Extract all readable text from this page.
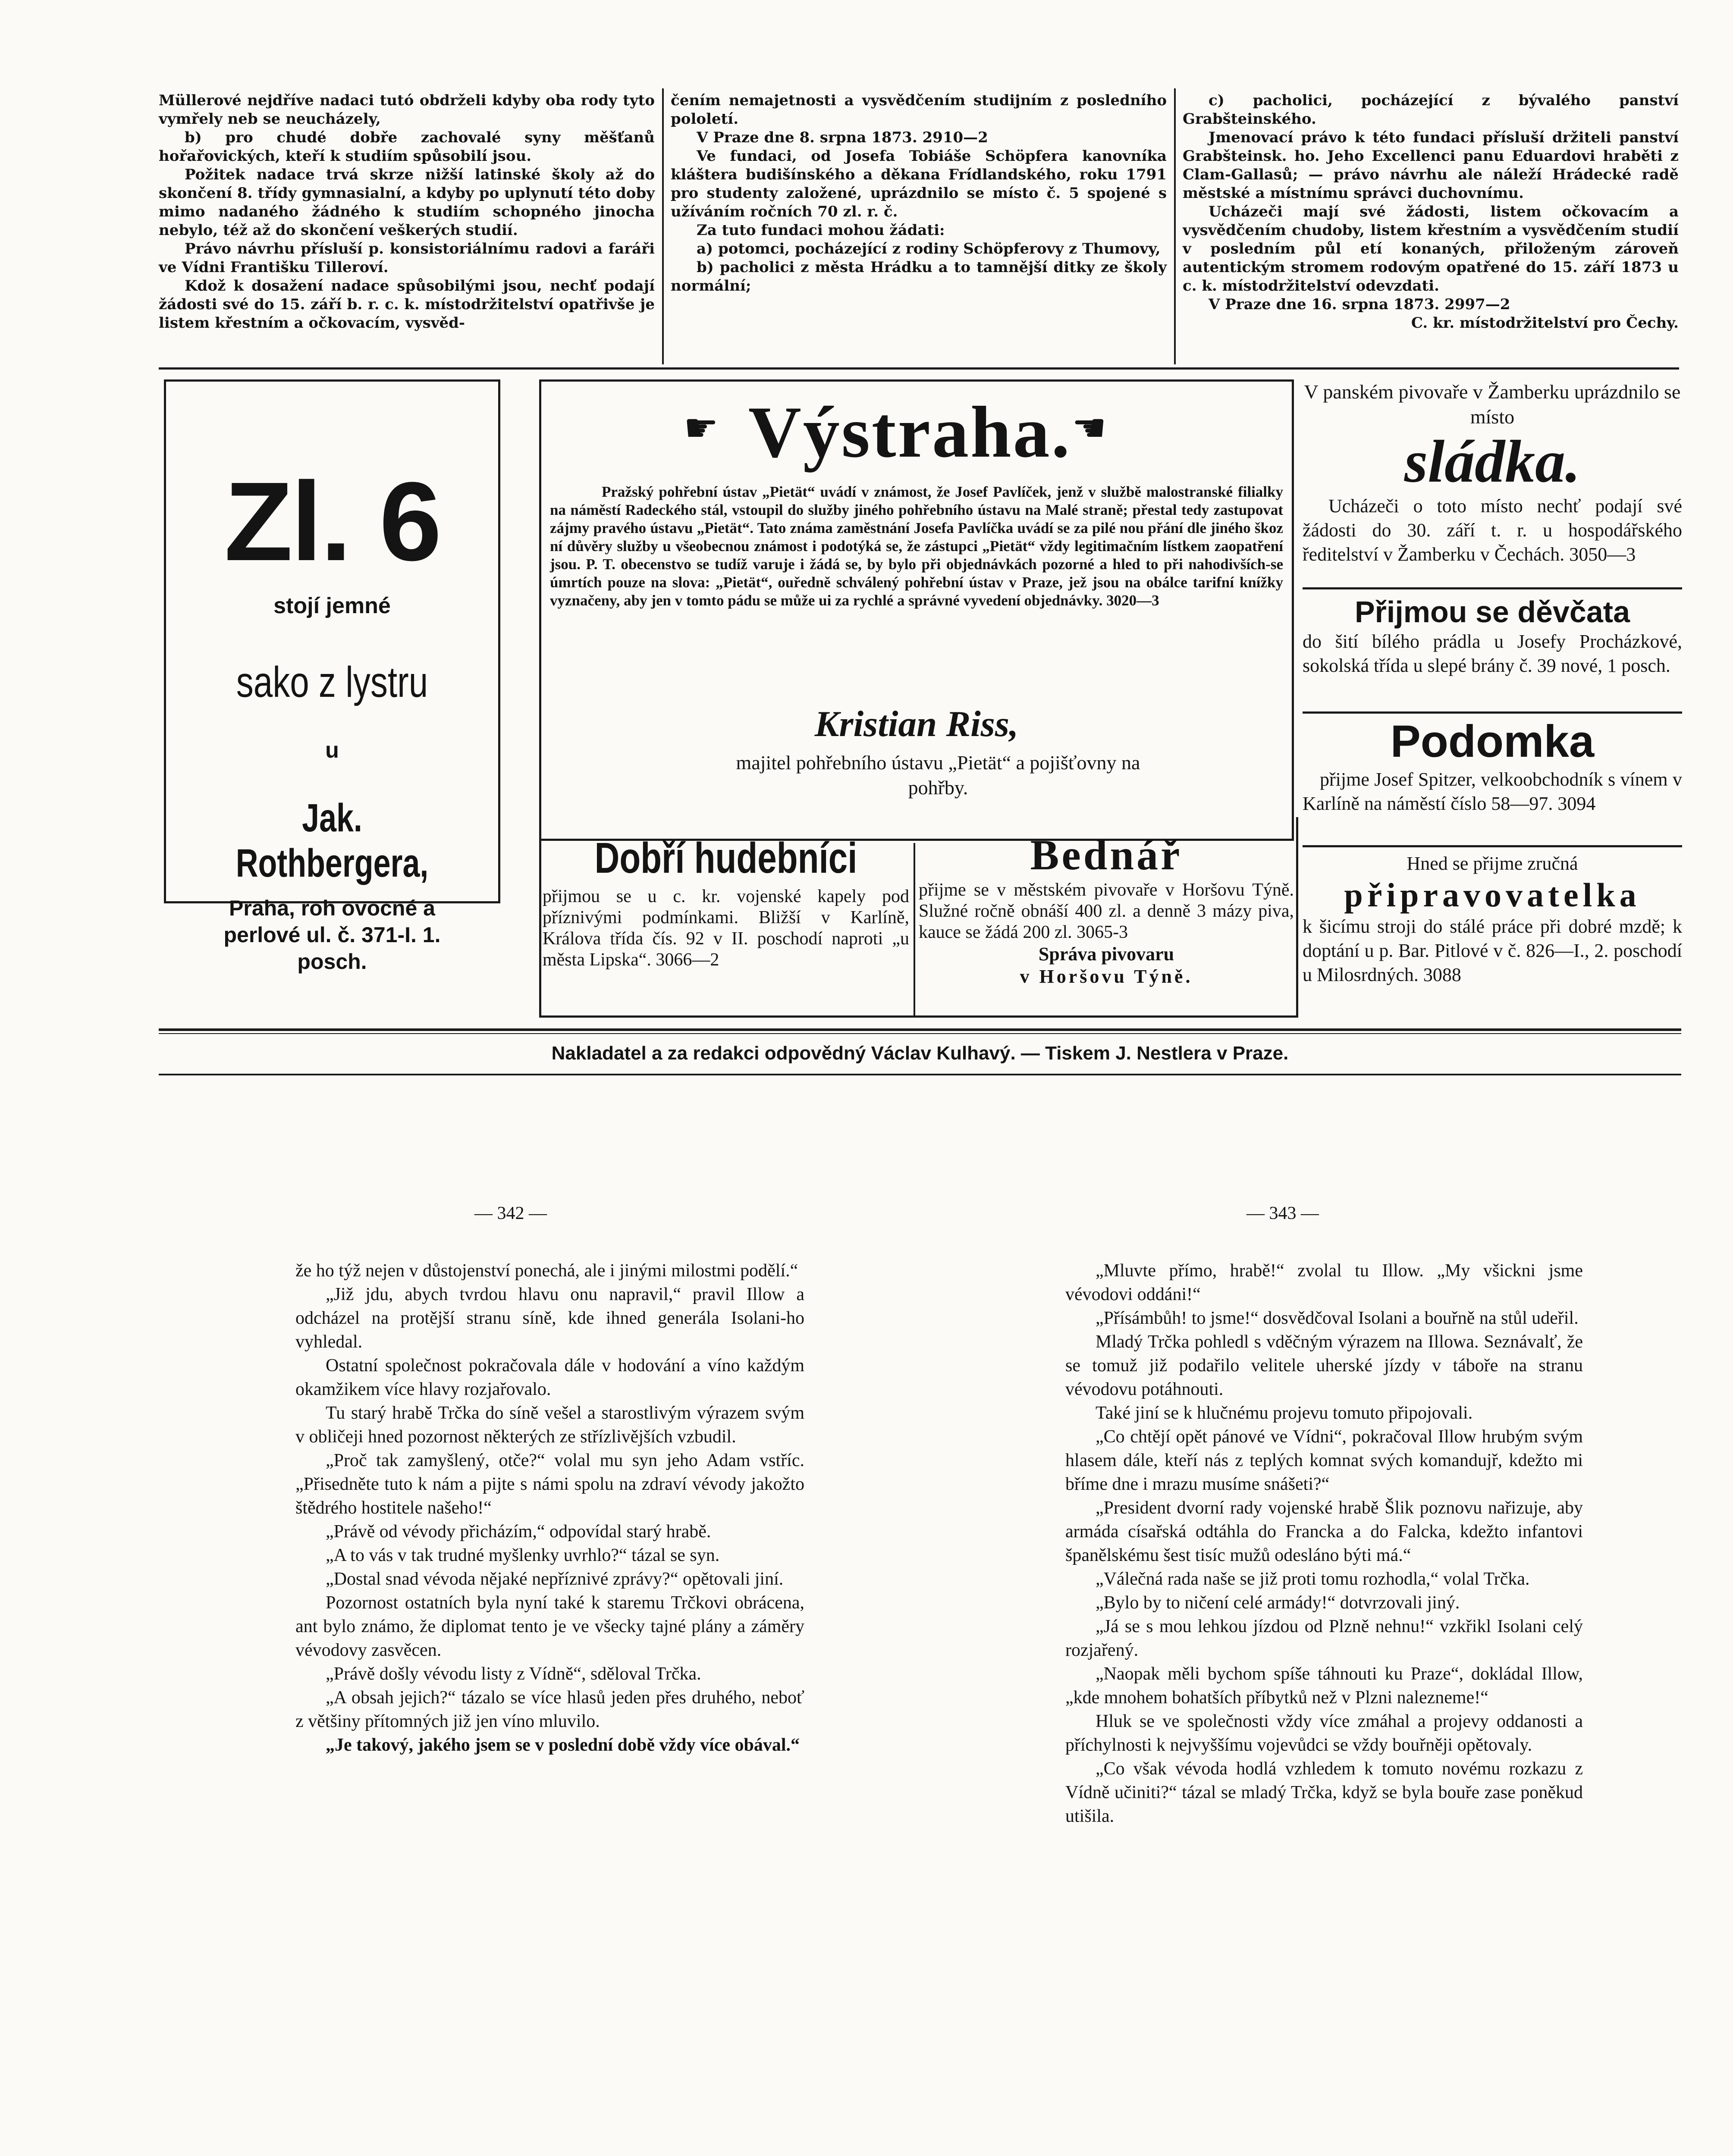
Müllerové nejdříve nadaci tutó obdrželi kdyby oba rody tyto vymřely neb se neucházely,

b) pro chudé dobře zachovalé syny měšťanů hořařovických, kteří k studiím spůsobilí jsou.

Požitek nadace trvá skrze nižší latinské školy až do skončení 8. třídy gymnasialní, a kdyby po uplynutí této doby mimo nadaného žádného k studiím schopného jinocha nebylo, též až do skončení veškerých studií.

Právo návrhu přísluší p. konsistoriálnímu radovi a faráři ve Vídni Františku Tilleroví.

Kdož k dosažení nadace spůsobilými jsou, nechť podají žádosti své do 15. září b. r. c. k. místodržitelství opatřivše je listem křestním a očkovacím, vysvěd-

čením nemajetnosti a vysvědčením studijním z posledního pololetí.

V Praze dne 8. srpna 1873. 2910—2

Ve fundaci, od Josefa Tobiáše Schöpfera kanovníka kláštera budišínského a děkana Frídlandského, roku 1791 pro studenty založené, uprázdnilo se místo č. 5 spojené s užíváním ročních 70 zl. r. č.

Za tuto fundaci mohou žádati:

a) potomci, pocházející z rodiny Schöpferovy z Thumovy,

b) pacholici z města Hrádku a to tamnější ditky ze školy normální;

c) pacholici, pocházející z bývalého panství Grabšteinského.

Jmenovací právo k této fundaci přísluší držiteli panství Grabšteinsk. ho. Jeho Excellenci panu Eduardovi hraběti z Clam-Gallasů; — právo návrhu ale náleží Hrádecké radě městské a místnímu správci duchovnímu.

Ucházeči mají své žádosti, listem očkovacím a vysvědčením chudoby, listem křestním a vysvědčením studií v posledním půl etí konaných, přiloženým zároveň autentickým stromem rodovým opatřené do 15. září 1873 u c. k. místodržitelství odevzdati.

V Praze dne 16. srpna 1873. 2997—2

C. kr. místodržitelství pro Čechy.

Zl. 6
stojí jemné
sako z lystru
u
Jak. Rothbergera,
Praha, roh ovocné a perlové ul. č. 371-I. 1. posch.
☛ Výstraha. ☛

Pražský pohřební ústav „Pietät“ uvádí v známost, že Josef Pavlíček, jenž v službě malostranské filialky na náměstí Radeckého stál, vstoupil do služby jiného pohřebního ústavu na Malé straně; přestal tedy zastupovat zájmy pravého ústavu „Pietät“. Tato známa zaměstnání Josefa Pavlíčka uvádí se za pilé nou přání dle jiného škoz ní důvěry služby u všeobecnou známost i podotýká se, že zástupci „Pietät“ vždy legitimačním lístkem zaopatření jsou. P. T. obecenstvo se tudíž varuje i žádá se, by bylo při objednávkách pozorné a hled to při nahodivších-se úmrtích pouze na slova: „Pietät“, ouředně schválený pohřební ústav v Praze, jež jsou na obálce tarifní knížky vyznačeny, aby jen v tomto pádu se může ui za rychlé a správné vyvedení objednávky. 3020—3

Kristian Riss,
majitel pohřebního ústavu „Pietät“ a pojišťovny na pohřby.

V panském pivovaře v Žamberku uprázdnilo se místo

sládka.

Ucházeči o toto místo nechť podají své žádosti do 30. září t. r. u hospodářského ředitelství v Žamberku v Čechách. 3050—3

Přijmou se děvčata

do šití bílého prádla u Josefy Procházkové, sokolská třída u slepé brány č. 39 nové, 1 posch.

Podomka

přijme Josef Spitzer, velkoobchodník s vínem v Karlíně na náměstí číslo 58—97. 3094

Hned se přijme zručná

připravovatelka

k šicímu stroji do stálé práce při dobré mzdě; k doptání u p. Bar. Pitlové v č. 826—I., 2. poschodí u Milosrdných. 3088

Dobří hudebníci

přijmou se u c. kr. vojenské kapely pod příznivými podmínkami. Bližší v Karlíně, Králova třída čís. 92 v II. poschodí naproti „u města Lipska“. 3066—2

Bednář

přijme se v městském pivovaře v Horšovu Týně. Služné ročně obnáší 400 zl. a denně 3 mázy piva, kauce se žádá 200 zl. 3065-3

Správa pivovaru

v Horšovu Týně.

Nakladatel a za redakci odpovědný Václav Kulhavý. — Tiskem J. Nestlera v Praze.
— 342 —	— 343 —

že ho týž nejen v důstojenství ponechá, ale i jinými milostmi podělí.“

„Již jdu, abych tvrdou hlavu onu napravil,“ pravil Illow a odcházel na protější stranu síně, kde ihned generála Isolani-ho vyhledal.

Ostatní společnost pokračovala dále v hodování a víno každým okamžikem více hlavy rozjařovalo.

Tu starý hrabě Trčka do síně vešel a starostlivým výrazem svým v obličeji hned pozornost některých ze střízlivějších vzbudil.

„Proč tak zamyšlený, otče?“ volal mu syn jeho Adam vstříc. „Přisedněte tuto k nám a pijte s námi spolu na zdraví vévody jakožto štědrého hostitele našeho!“

„Právě od vévody přicházím,“ odpovídal starý hrabě.

„A to vás v tak trudné myšlenky uvrhlo?“ tázal se syn.

„Dostal snad vévoda nějaké nepříznivé zprávy?“ opětovali jiní.

Pozornost ostatních byla nyní také k staremu Trčkovi obrácena, ant bylo známo, že diplomat tento je ve všecky tajné plány a záměry vévodovy zasvěcen.

„Právě došly vévodu listy z Vídně“, sděloval Trčka.

„A obsah jejich?“ tázalo se více hlasů jeden přes druhého, neboť z většiny přítomných již jen víno mluvilo.

„Je takový, jakého jsem se v poslední době vždy více obával.“

„Mluvte přímo, hrabě!“ zvolal tu Illow. „My všickni jsme vévodovi oddáni!“

„Přísámbůh! to jsme!“ dosvědčoval Isolani a bouřně na stůl udeřil.

Mladý Trčka pohledl s vděčným výrazem na Illowa. Seznávalť, že se tomuž již podařilo velitele uherské jízdy v táboře na stranu vévodovu potáhnouti.

Také jiní se k hlučnému projevu tomuto připojovali.

„Co chtějí opět pánové ve Vídni“, pokračoval Illow hrubým svým hlasem dále, kteří nás z teplých komnat svých komandujř, kdežto mi bříme dne i mrazu musíme snášeti?“

„President dvorní rady vojenské hrabě Šlik poznovu nařizuje, aby armáda císařská odtáhla do Francka a do Falcka, kdežto infantovi španělskému šest tisíc mužů odesláno býti má.“

„Válečná rada naše se již proti tomu rozhodla,“ volal Trčka.

„Bylo by to ničení celé armády!“ dotvrzovali jiný.

„Já se s mou lehkou jízdou od Plzně nehnu!“ vzkřikl Isolani celý rozjařený.

„Naopak měli bychom spíše táhnouti ku Praze“, dokládal Illow, „kde mnohem bohatších příbytků než v Plzni nalezneme!“

Hluk se ve společnosti vždy více zmáhal a projevy oddanosti a příchylnosti k nejvyššímu vojevůdci se vždy bouřněji opětovaly.

„Co však vévoda hodlá vzhledem k tomuto novému rozkazu z Vídně učiniti?“ tázal se mladý Trčka, když se byla bouře zase poněkud utišila.
